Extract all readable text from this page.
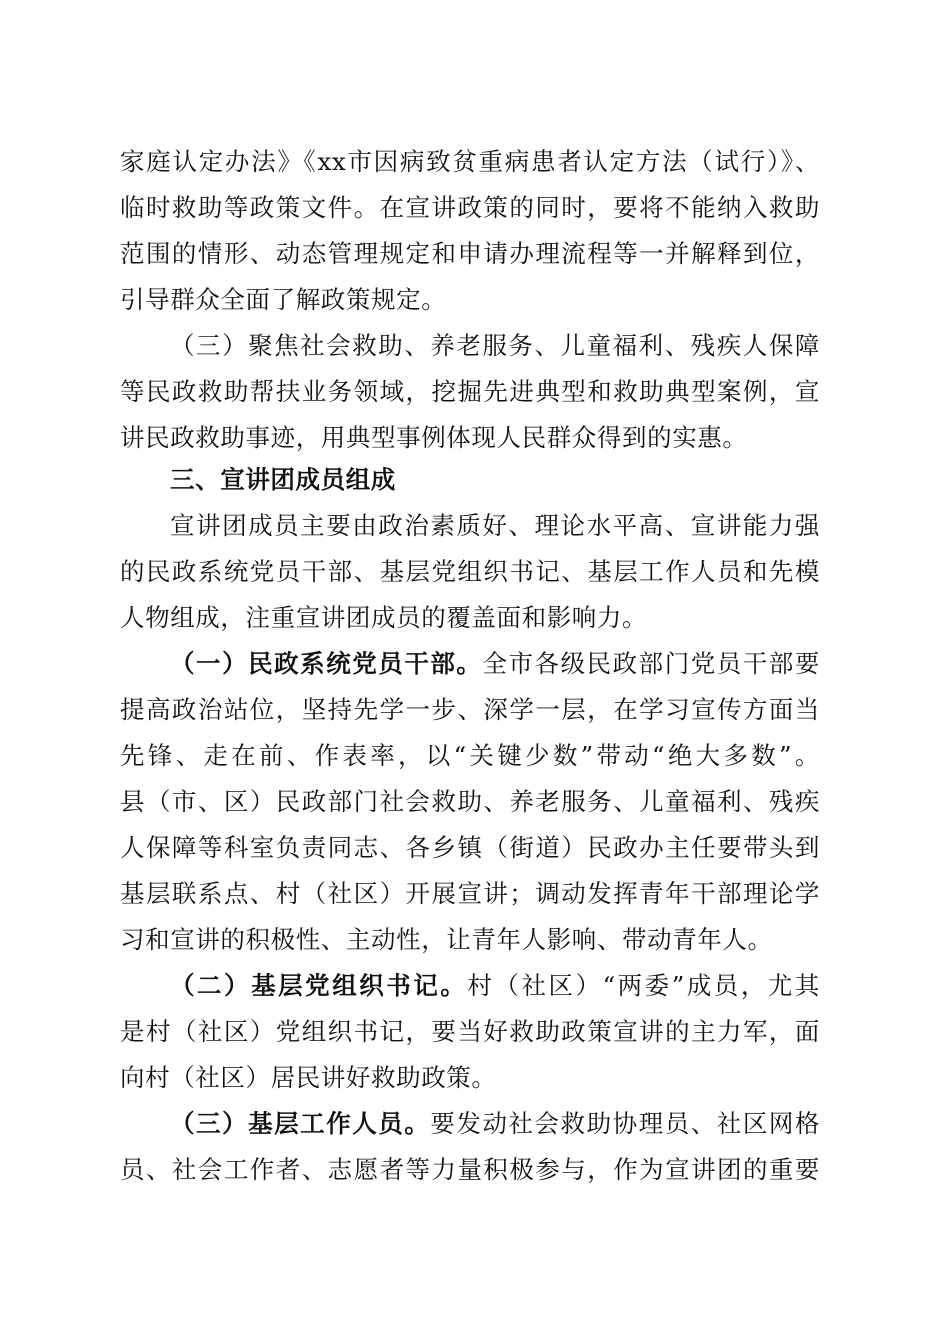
家庭认定办法》《xx市因病致贫重病患者认定方法（试行）》、
临时救助等政策文件。在宣讲政策的同时，要将不能纳入救助
范围的情形、动态管理规定和申请办理流程等一并解释到位，
引导群众全面了解政策规定。
（三）聚焦社会救助、养老服务、儿童福利、残疾人保障
等民政救助帮扶业务领域，挖掘先进典型和救助典型案例，宣
讲民政救助事迹，用典型事例体现人民群众得到的实惠。
三、宣讲团成员组成
宣讲团成员主要由政治素质好、理论水平高、宣讲能力强
的民政系统党员干部、基层党组织书记、基层工作人员和先模
人物组成，注重宣讲团成员的覆盖面和影响力。
（一）民政系统党员干部。全市各级民政部门党员干部要
提高政治站位，坚持先学一步、深学一层，在学习宣传方面当
先锋、走在前、作表率，以“关键少数”带动“绝大多数”。
县（市、区）民政部门社会救助、养老服务、儿童福利、残疾
人保障等科室负责同志、各乡镇（街道）民政办主任要带头到
基层联系点、村（社区）开展宣讲；调动发挥青年干部理论学
习和宣讲的积极性、主动性，让青年人影响、带动青年人。
（二）基层党组织书记。村（社区）“两委”成员，尤其
是村（社区）党组织书记，要当好救助政策宣讲的主力军，面
向村（社区）居民讲好救助政策。
（三）基层工作人员。要发动社会救助协理员、社区网格
员、社会工作者、志愿者等力量积极参与，作为宣讲团的重要
